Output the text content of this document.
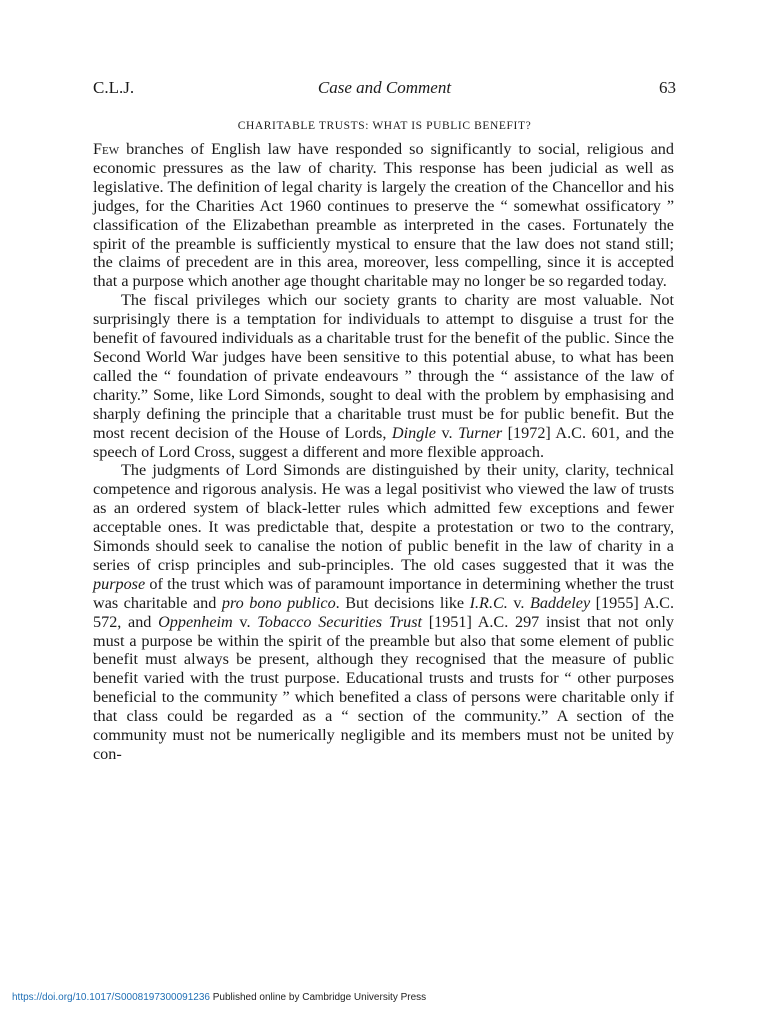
C.L.J.	Case and Comment	63
CHARITABLE TRUSTS: WHAT IS PUBLIC BENEFIT?

Few branches of English law have responded so significantly to social, religious and economic pressures as the law of charity. This response has been judicial as well as legislative. The definition of legal charity is largely the creation of the Chancellor and his judges, for the Charities Act 1960 continues to preserve the “ somewhat ossificatory ” classification of the Elizabethan preamble as interpreted in the cases. Fortunately the spirit of the preamble is sufficiently mystical to ensure that the law does not stand still; the claims of precedent are in this area, moreover, less compelling, since it is accepted that a purpose which another age thought charitable may no longer be so regarded today.

The fiscal privileges which our society grants to charity are most valuable. Not surprisingly there is a temptation for individuals to attempt to disguise a trust for the benefit of favoured individuals as a charitable trust for the benefit of the public. Since the Second World War judges have been sensitive to this potential abuse, to what has been called the “ foundation of private endeavours ” through the “ assistance of the law of charity.” Some, like Lord Simonds, sought to deal with the problem by emphasising and sharply defining the principle that a charitable trust must be for public benefit. But the most recent decision of the House of Lords, Dingle v. Turner [1972] A.C. 601, and the speech of Lord Cross, suggest a different and more flexible approach.

The judgments of Lord Simonds are distinguished by their unity, clarity, technical competence and rigorous analysis. He was a legal positivist who viewed the law of trusts as an ordered system of black-letter rules which admitted few exceptions and fewer acceptable ones. It was predictable that, despite a protestation or two to the contrary, Simonds should seek to canalise the notion of public benefit in the law of charity in a series of crisp principles and sub-principles. The old cases suggested that it was the purpose of the trust which was of paramount importance in determining whether the trust was charitable and pro bono publico. But decisions like I.R.C. v. Baddeley [1955] A.C. 572, and Oppenheim v. Tobacco Securities Trust [1951] A.C. 297 insist that not only must a purpose be within the spirit of the preamble but also that some element of public benefit must always be present, although they recognised that the measure of public benefit varied with the trust purpose. Educational trusts and trusts for “ other purposes beneficial to the community ” which benefited a class of persons were charitable only if that class could be regarded as a “ section of the community.” A section of the community must not be numerically negligible and its members must not be united by con-

https://doi.org/10.1017/S0008197300091236 Published online by Cambridge University Press
